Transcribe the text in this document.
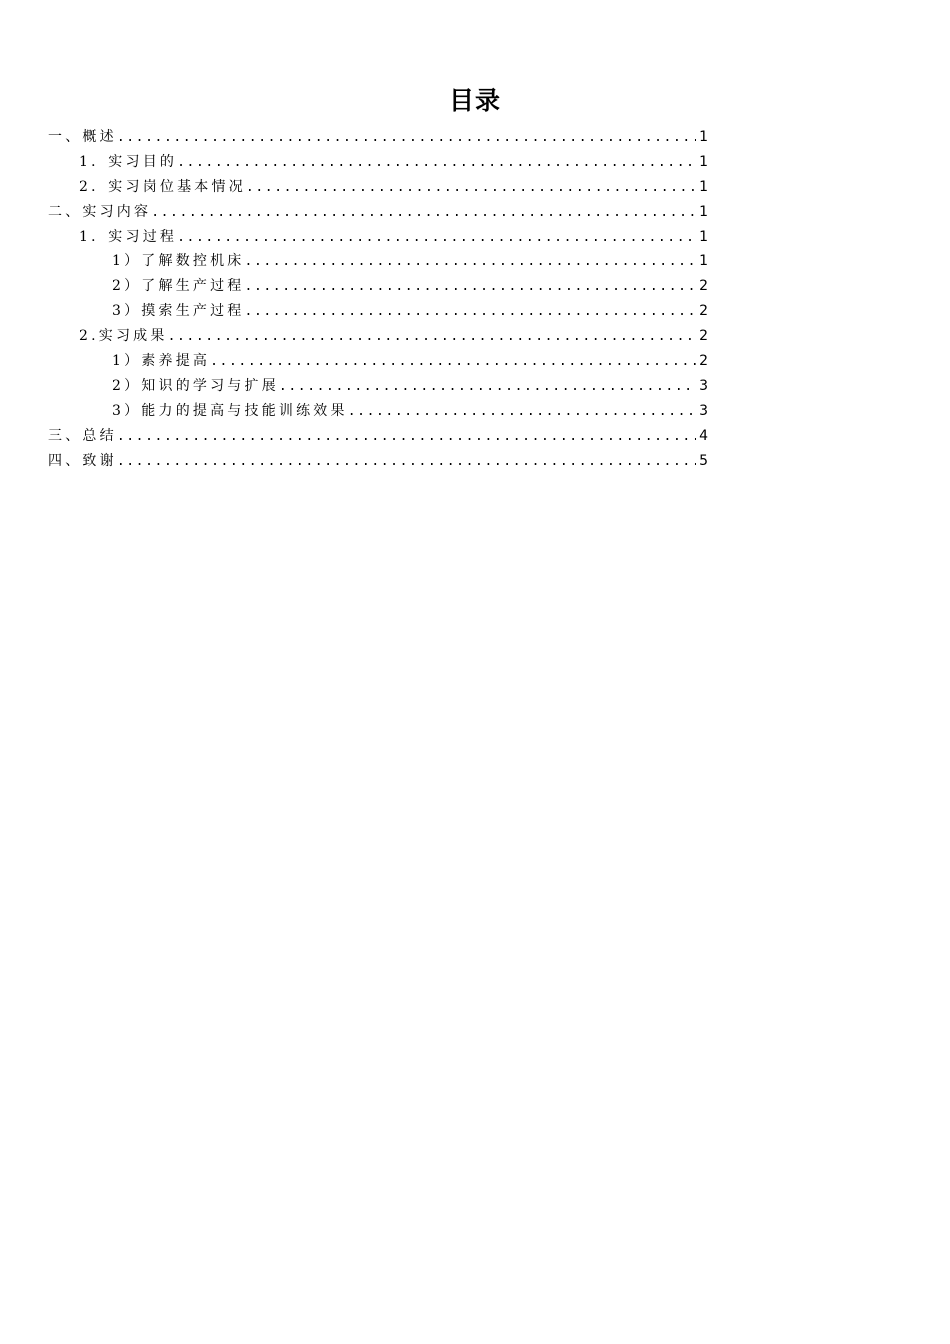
目录
一、概述 .....	1
1．实习目的 .....	1
2．实习岗位基本情况 .....	1
二、实习内容 .....	1
1．实习过程 .....	1
1）了解数控机床 .....	1
2）了解生产过程 .....	2
3）摸索生产过程 .....	2
2.实习成果 .....	2
1）素养提高 .....	2
2）知识的学习与扩展 .....	3
3）能力的提高与技能训练效果 .....	3
三、总结 .....	4
四、致谢 .....	5
